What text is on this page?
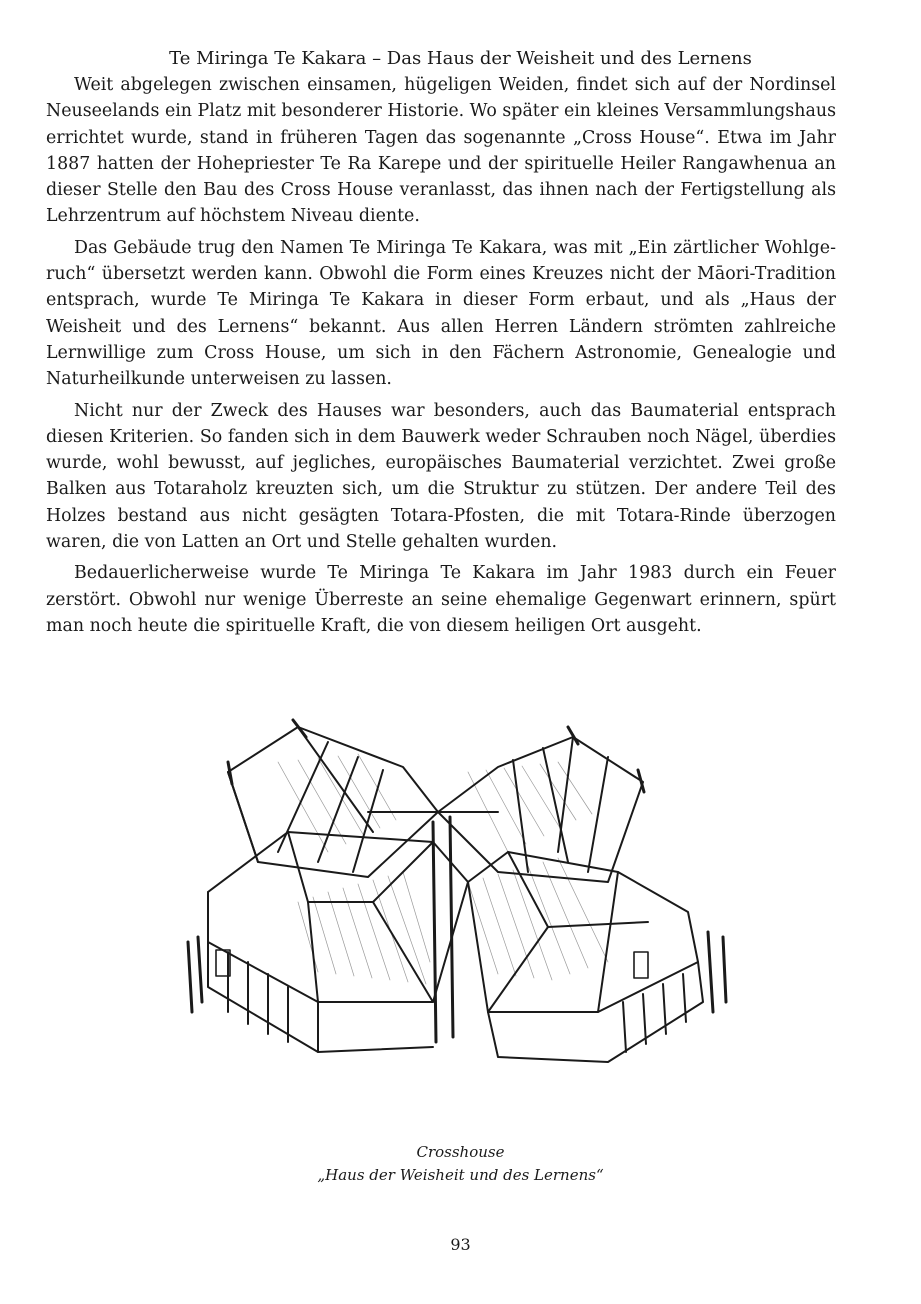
Te Miringa Te Kakara – Das Haus der Weisheit und des Lernens

Weit abgelegen zwischen einsamen, hügeligen Weiden, findet sich auf der Nordinsel Neuseelands ein Platz mit besonderer Historie. Wo später ein kleines Versammlungshaus errichtet wurde, stand in früheren Tagen das sogenannte „Cross House“. Etwa im Jahr 1887 hatten der Hohepriester Te Ra Karepe und der spirituelle Heiler Rangawhenua an dieser Stelle den Bau des Cross House veranlasst, das ihnen nach der Fertigstellung als Lehrzentrum auf höchstem Niveau diente.

Das Gebäude trug den Namen Te Miringa Te Kakara, was mit „Ein zärtlicher Wohlgeruch“ übersetzt werden kann. Obwohl die Form eines Kreuzes nicht der Māori-Tradition entsprach, wurde Te Miringa Te Kakara in dieser Form erbaut, und als „Haus der Weisheit und des Lernens“ bekannt. Aus allen Herren Ländern strömten zahlreiche Lernwillige zum Cross House, um sich in den Fächern Astronomie, Genealogie und Naturheilkunde unterweisen zu lassen.

Nicht nur der Zweck des Hauses war besonders, auch das Baumaterial entsprach diesen Kriterien. So fanden sich in dem Bauwerk weder Schrauben noch Nägel, überdies wurde, wohl bewusst, auf jegliches, europäisches Baumaterial verzichtet. Zwei große Balken aus Totaraholz kreuzten sich, um die Struktur zu stützen. Der andere Teil des Holzes bestand aus nicht gesägten Totara-Pfosten, die mit Totara-Rinde überzogen waren, die von Latten an Ort und Stelle gehalten wurden.

Bedauerlicherweise wurde Te Miringa Te Kakara im Jahr 1983 durch ein Feuer zerstört. Obwohl nur wenige Überreste an seine ehemalige Gegenwart erinnern, spürt man noch heute die spirituelle Kraft, die von diesem heiligen Ort ausgeht.

Crosshouse
„Haus der Weisheit und des Lernens“
93
